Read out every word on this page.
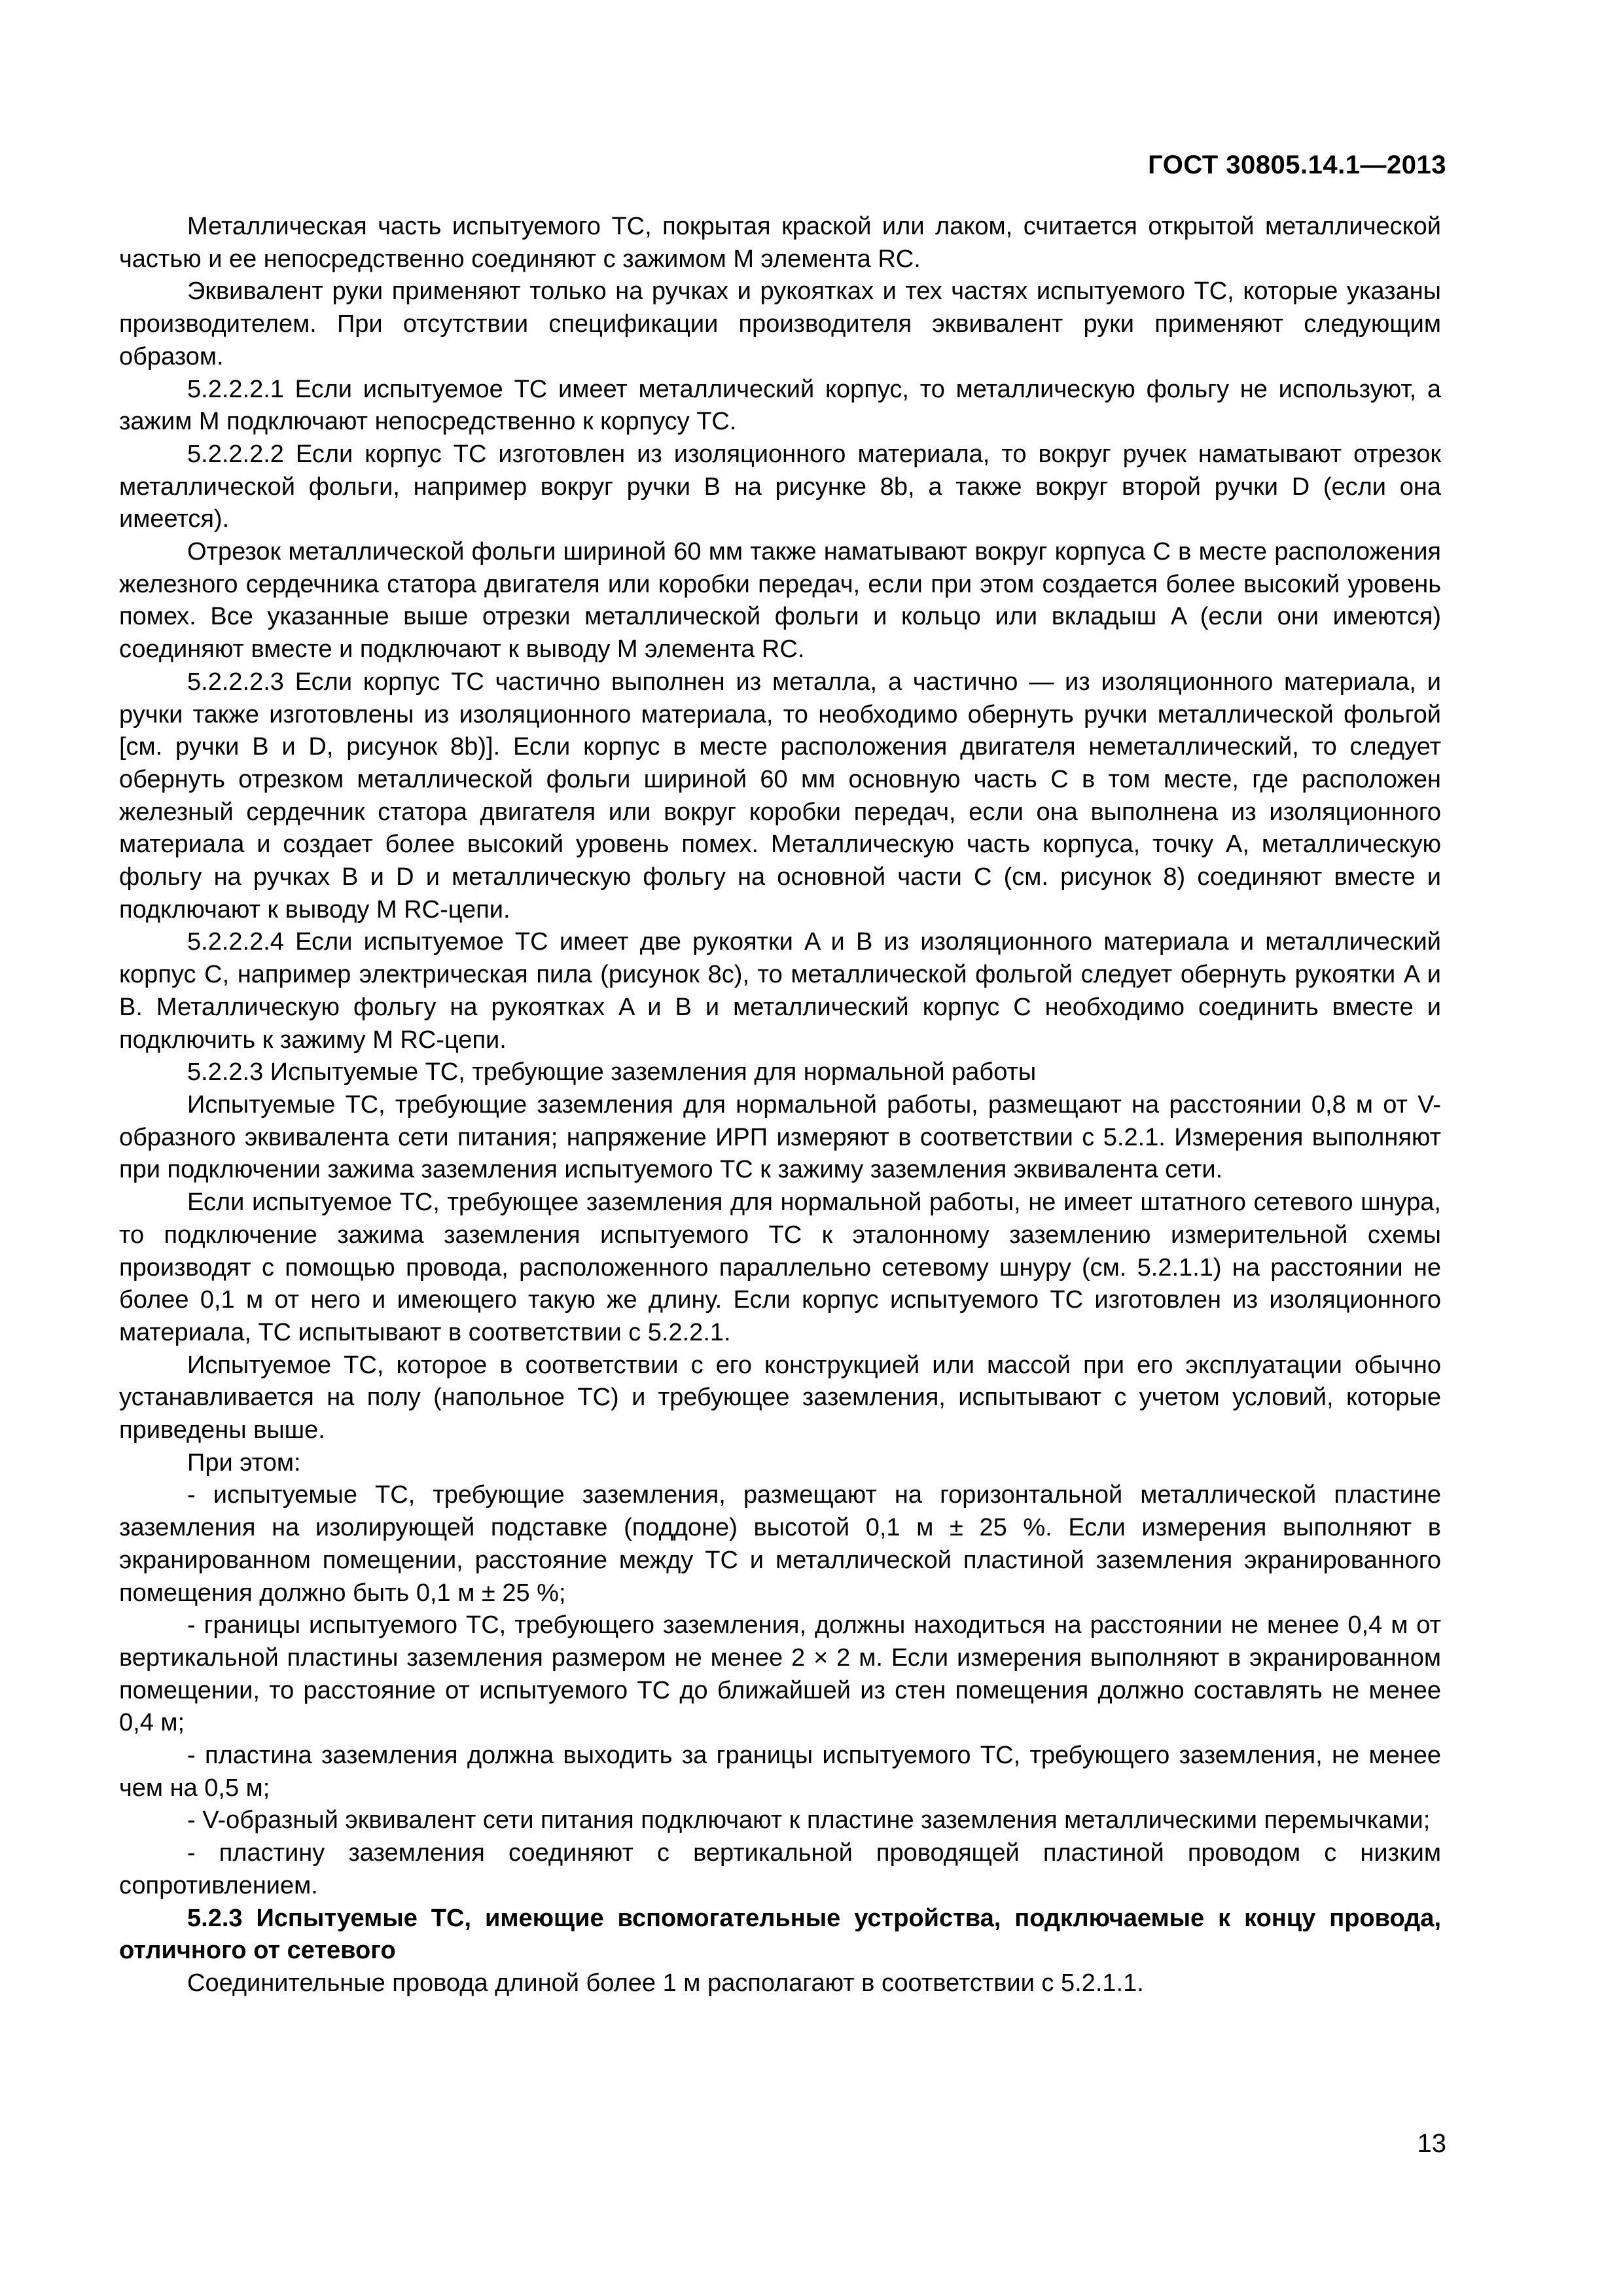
ГОСТ 30805.14.1—2013

Металлическая часть испытуемого ТС, покрытая краской или лаком, считается открытой металлической частью и ее непосредственно соединяют с зажимом M элемента RC.

Эквивалент руки применяют только на ручках и рукоятках и тех частях испытуемого ТС, которые указаны производителем. При отсутствии спецификации производителя эквивалент руки применяют следующим образом.

5.2.2.2.1 Если испытуемое ТС имеет металлический корпус, то металлическую фольгу не используют, а зажим M подключают непосредственно к корпусу ТС.

5.2.2.2.2 Если корпус ТС изготовлен из изоляционного материала, то вокруг ручек наматывают отрезок металлической фольги, например вокруг ручки B на рисунке 8b, а также вокруг второй ручки D (если она имеется).

Отрезок металлической фольги шириной 60 мм также наматывают вокруг корпуса C в месте расположения железного сердечника статора двигателя или коробки передач, если при этом создается более высокий уровень помех. Все указанные выше отрезки металлической фольги и кольцо или вкладыш A (если они имеются) соединяют вместе и подключают к выводу M элемента RC.

5.2.2.2.3 Если корпус ТС частично выполнен из металла, а частично — из изоляционного материала, и ручки также изготовлены из изоляционного материала, то необходимо обернуть ручки металлической фольгой [см. ручки B и D, рисунок 8b)]. Если корпус в месте расположения двигателя неметаллический, то следует обернуть отрезком металлической фольги шириной 60 мм основную часть C в том месте, где расположен железный сердечник статора двигателя или вокруг коробки передач, если она выполнена из изоляционного материала и создает более высокий уровень помех. Металлическую часть корпуса, точку A, металлическую фольгу на ручках B и D и металлическую фольгу на основной части С (см. рисунок 8) соединяют вместе и подключают к выводу M RC-цепи.

5.2.2.2.4 Если испытуемое ТС имеет две рукоятки A и B из изоляционного материала и металлический корпус C, например электрическая пила (рисунок 8c), то металлической фольгой следует обернуть рукоятки A и B. Металлическую фольгу на рукоятках A и B и металлический корпус C необходимо соединить вместе и подключить к зажиму M RC-цепи.

5.2.2.3 Испытуемые ТС, требующие заземления для нормальной работы

Испытуемые ТС, требующие заземления для нормальной работы, размещают на расстоянии 0,8 м от V-образного эквивалента сети питания; напряжение ИРП измеряют в соответствии с 5.2.1. Измерения выполняют при подключении зажима заземления испытуемого ТС к зажиму заземления эквивалента сети.

Если испытуемое ТС, требующее заземления для нормальной работы, не имеет штатного сетевого шнура, то подключение зажима заземления испытуемого ТС к эталонному заземлению измерительной схемы производят с помощью провода, расположенного параллельно сетевому шнуру (см. 5.2.1.1) на расстоянии не более 0,1 м от него и имеющего такую же длину. Если корпус испытуемого ТС изготовлен из изоляционного материала, ТС испытывают в соответствии с 5.2.2.1.

Испытуемое ТС, которое в соответствии с его конструкцией или массой при его эксплуатации обычно устанавливается на полу (напольное ТС) и требующее заземления, испытывают с учетом условий, которые приведены выше.

При этом:

- испытуемые ТС, требующие заземления, размещают на горизонтальной металлической пластине заземления на изолирующей подставке (поддоне) высотой 0,1 м ± 25 %. Если измерения выполняют в экранированном помещении, расстояние между ТС и металлической пластиной заземления экранированного помещения должно быть 0,1 м ± 25 %;

- границы испытуемого ТС, требующего заземления, должны находиться на расстоянии не менее 0,4 м от вертикальной пластины заземления размером не менее 2 × 2 м. Если измерения выполняют в экранированном помещении, то расстояние от испытуемого ТС до ближайшей из стен помещения должно составлять не менее 0,4 м;

- пластина заземления должна выходить за границы испытуемого ТС, требующего заземления, не менее чем на 0,5 м;

- V-образный эквивалент сети питания подключают к пластине заземления металлическими перемычками;

- пластину заземления соединяют с вертикальной проводящей пластиной проводом с низким сопротивлением.

5.2.3 Испытуемые ТС, имеющие вспомогательные устройства, подключаемые к концу провода, отличного от сетевого

Соединительные провода длиной более 1 м располагают в соответствии с 5.2.1.1.

13
